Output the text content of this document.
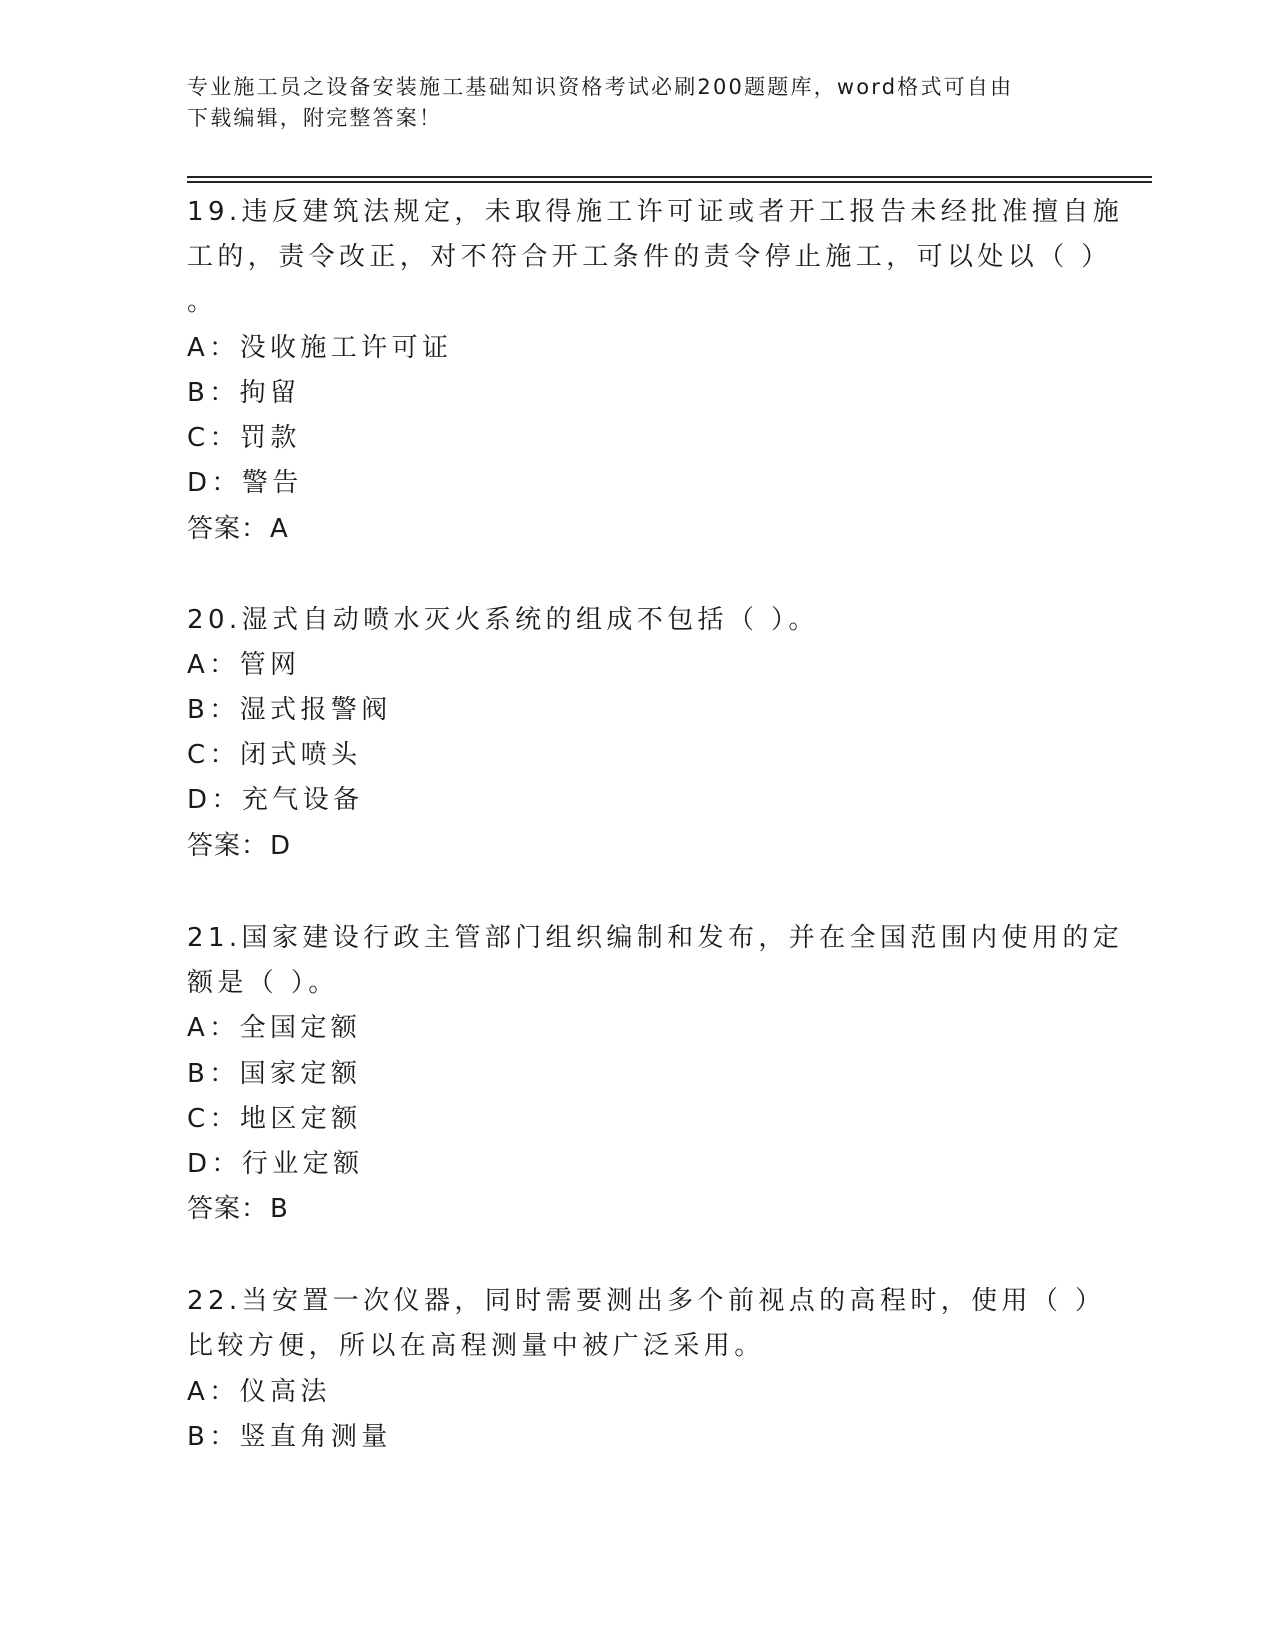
专业施工员之设备安装施工基础知识资格考试必刷200题题库，word格式可自由
下载编辑，附完整答案！
19.违反建筑法规定，未取得施工许可证或者开工报告未经批准擅自施
工的，责令改正，对不符合开工条件的责令停止施工，可以处以（ ）
。
A：没收施工许可证
B：拘留
C：罚款
D：警告
答案：A
20.湿式自动喷水灭火系统的组成不包括（ ）。
A：管网
B：湿式报警阀
C：闭式喷头
D：充气设备
答案：D
21.国家建设行政主管部门组织编制和发布，并在全国范围内使用的定
额是（ ）。
A：全国定额
B：国家定额
C：地区定额
D：行业定额
答案：B
22.当安置一次仪器，同时需要测出多个前视点的高程时，使用（ ）
比较方便，所以在高程测量中被广泛采用。
A：仪高法
B：竖直角测量
